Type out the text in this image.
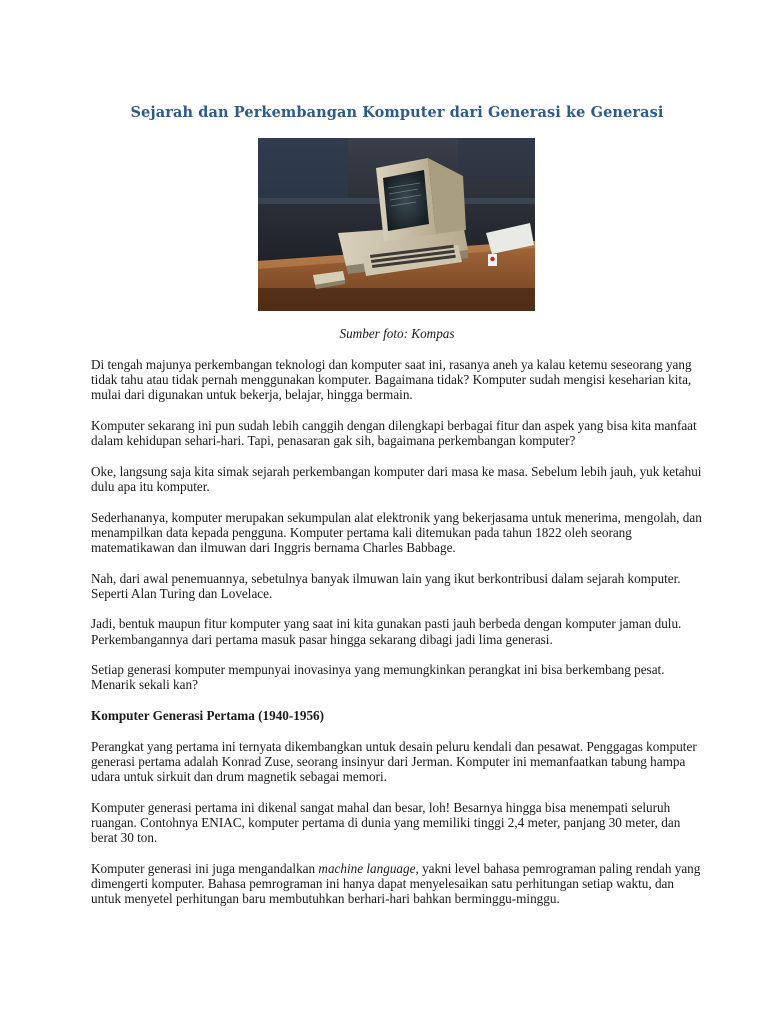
Sejarah dan Perkembangan Komputer dari Generasi ke Generasi
Sumber foto: Kompas

Di tengah majunya perkembangan teknologi dan komputer saat ini, rasanya aneh ya kalau ketemu seseorang yang tidak tahu atau tidak pernah menggunakan komputer. Bagaimana tidak? Komputer sudah mengisi keseharian kita, mulai dari digunakan untuk bekerja, belajar, hingga bermain.

Komputer sekarang ini pun sudah lebih canggih dengan dilengkapi berbagai fitur dan aspek yang bisa kita manfaat dalam kehidupan sehari-hari. Tapi, penasaran gak sih, bagaimana perkembangan komputer?

Oke, langsung saja kita simak sejarah perkembangan komputer dari masa ke masa. Sebelum lebih jauh, yuk ketahui dulu apa itu komputer.

Sederhananya, komputer merupakan sekumpulan alat elektronik yang bekerjasama untuk menerima, mengolah, dan menampilkan data kepada pengguna. Komputer pertama kali ditemukan pada tahun 1822 oleh seorang matematikawan dan ilmuwan dari Inggris bernama Charles Babbage.

Nah, dari awal penemuannya, sebetulnya banyak ilmuwan lain yang ikut berkontribusi dalam sejarah komputer. Seperti Alan Turing dan Lovelace.

Jadi, bentuk maupun fitur komputer yang saat ini kita gunakan pasti jauh berbeda dengan komputer jaman dulu. Perkembangannya dari pertama masuk pasar hingga sekarang dibagi jadi lima generasi.

Setiap generasi komputer mempunyai inovasinya yang memungkinkan perangkat ini bisa berkembang pesat. Menarik sekali kan?

Komputer Generasi Pertama (1940-1956)

Perangkat yang pertama ini ternyata dikembangkan untuk desain peluru kendali dan pesawat. Penggagas komputer generasi pertama adalah Konrad Zuse, seorang insinyur dari Jerman. Komputer ini memanfaatkan tabung hampa udara untuk sirkuit dan drum magnetik sebagai memori.

Komputer generasi pertama ini dikenal sangat mahal dan besar, loh! Besarnya hingga bisa menempati seluruh ruangan. Contohnya ENIAC, komputer pertama di dunia yang memiliki tinggi 2,4 meter, panjang 30 meter, dan berat 30 ton.

Komputer generasi ini juga mengandalkan machine language, yakni level bahasa pemrograman paling rendah yang dimengerti komputer. Bahasa pemrograman ini hanya dapat menyelesaikan satu perhitungan setiap waktu, dan untuk menyetel perhitungan baru membutuhkan berhari-hari bahkan berminggu-minggu.
